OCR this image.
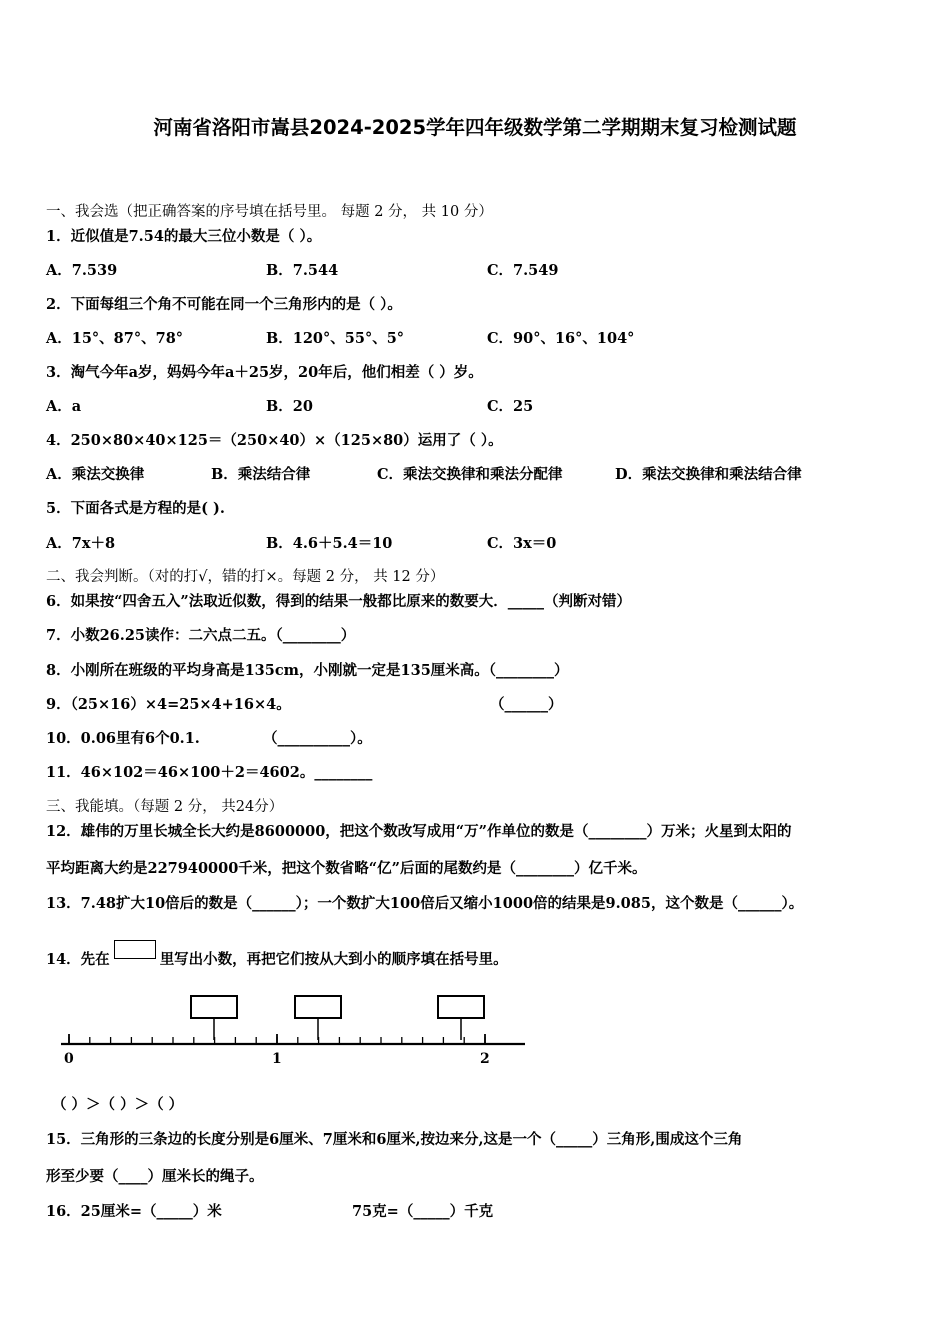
河南省洛阳市嵩县2024-2025学年四年级数学第二学期期末复习检测试题
一、我会选（把正确答案的序号填在括号里。 每题 2 分， 共 10 分）
1．近似值是7.54的最大三位小数是（ ）。
A．7.539	B．7.544	C．7.549
2．下面每组三个角不可能在同一个三角形内的是（ ）。
A．15°、87°、78°	B．120°、55°、5°	C．90°、16°、104°
3．淘气今年a岁，妈妈今年a＋25岁，20年后，他们相差（ ）岁。
A．a	B．20	C．25
4．250×80×40×125＝（250×40）×（125×80）运用了（ ）。
A．乘法交换律	B．乘法结合律	C．乘法交换律和乘法分配律	D．乘法交换律和乘法结合律
5．下面各式是方程的是( ).
A．7x＋8	B．4.6＋5.4＝10	C．3x＝0
二、我会判断。（对的打√，错的打×。每题 2 分， 共 12 分）
6．如果按“四舍五入”法取近似数，得到的结果一般都比原来的数要大．_____（判断对错）
7．小数26.25读作：二六点二五。（________）
8．小刚所在班级的平均身高是135cm，小刚就一定是135厘米高。（________）
9．（25×16）×4=25×4+16×4。	（______）
10．0.06里有6个0.1.	（__________）。
11．46×102＝46×100＋2＝4602。________
三、我能填。（每题 2 分， 共24分）
12．雄伟的万里长城全长大约是8600000，把这个数改写成用“万”作单位的数是（________）万米；火星到太阳的
平均距离大约是227940000千米，把这个数省略“亿”后面的尾数约是（________）亿千米。
13．7.48扩大10倍后的数是（______）；一个数扩大100倍后又缩小1000倍的结果是9.085，这个数是（______）。
14．先在	里写出小数，再把它们按从大到小的顺序填在括号里。
0	1	2
（ ）＞（ ）＞（ ）
15．三角形的三条边的长度分别是6厘米、7厘米和6厘米,按边来分,这是一个（_____）三角形,围成这个三角
形至少要（____）厘米长的绳子。
16．25厘米=（_____）米	75克=（_____）千克
